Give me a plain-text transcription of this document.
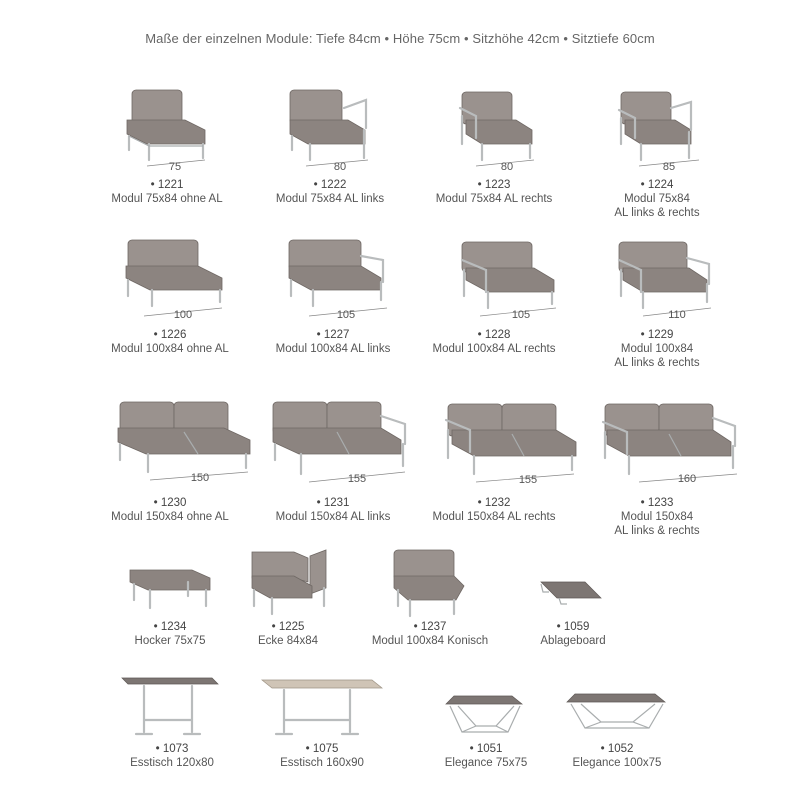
Maße der einzelnen Module: Tiefe 84cm • Höhe 75cm • Sitzhöhe 42cm • Sitztiefe 60cm
75
• 1221
Modul 75x84 ohne AL
80
• 1222
Modul 75x84 AL links
80
• 1223
Modul 75x84 AL rechts
85
• 1224
Modul 75x84
AL links & rechts
100
• 1226
Modul 100x84 ohne AL
105
• 1227
Modul 100x84 AL links
105
• 1228
Modul 100x84 AL rechts
110
• 1229
Modul 100x84
AL links & rechts
150
• 1230
Modul 150x84 ohne AL
155
• 1231
Modul 150x84 AL links
155
• 1232
Modul 150x84 AL rechts
160
• 1233
Modul 150x84
AL links & rechts
• 1234
Hocker 75x75
• 1225
Ecke 84x84
• 1237
Modul 100x84 Konisch
• 1059
Ablageboard
• 1073
Esstisch 120x80
• 1075
Esstisch 160x90
• 1051
Elegance 75x75
• 1052
Elegance 100x75
